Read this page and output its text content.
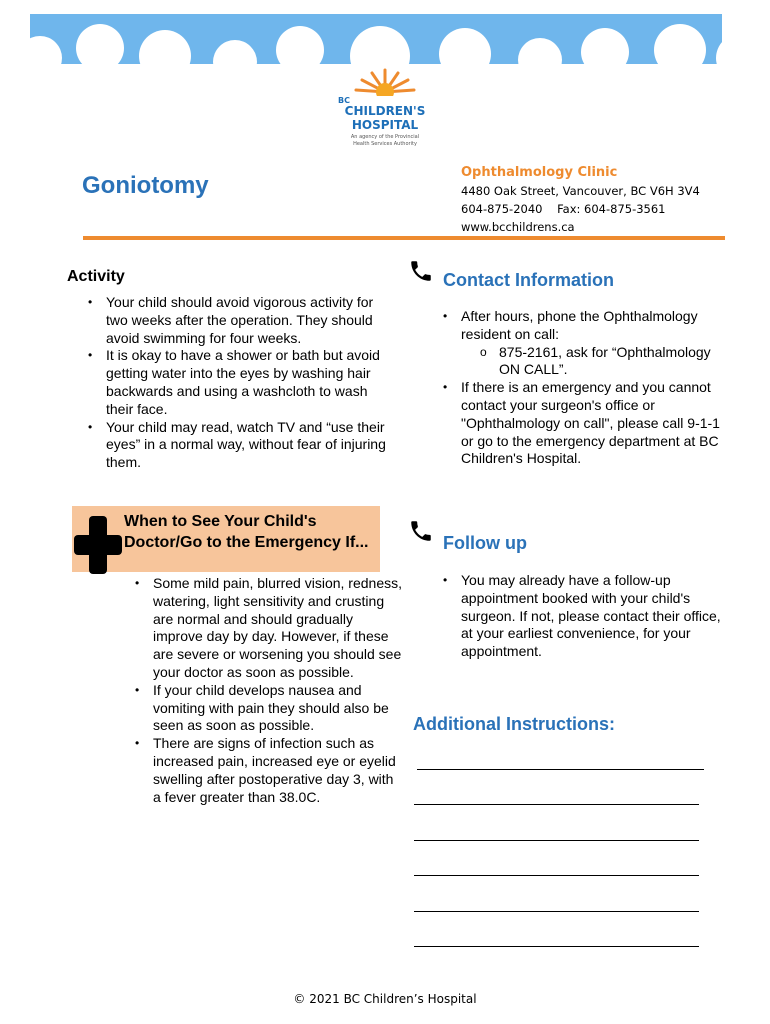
BC
CHILDREN'S
HOSPITAL
An agency of the Provincial
Health Services Authority
Goniotomy	Ophthalmology Clinic
4480 Oak Street, Vancouver, BC V6H 3V4
604-875-2040    Fax: 604-875-3561
www.bcchildrens.ca
Activity
• Your child should avoid vigorous activity for two weeks after the operation. They should avoid swimming for four weeks.
• It is okay to have a shower or bath but avoid getting water into the eyes by washing hair backwards and using a washcloth to wash their face.
• Your child may read, watch TV and “use their eyes” in a normal way, without fear of injuring them.
When to See Your Child's Doctor/Go to the Emergency If...
• Some mild pain, blurred vision, redness, watering, light sensitivity and crusting are normal and should gradually improve day by day. However, if these are severe or worsening you should see your doctor as soon as possible.
• If your child develops nausea and vomiting with pain they should also be seen as soon as possible.
• There are signs of infection such as increased pain, increased eye or eyelid swelling after postoperative day 3, with a fever greater than 38.0C.
Contact Information
• After hours, phone the Ophthalmology resident on call:
o 875-2161, ask for “Ophthalmology ON CALL”.
• If there is an emergency and you cannot contact your surgeon's office or "Ophthalmology on call", please call 9-1-1 or go to the emergency department at BC Children's Hospital.
Follow up
• You may already have a follow-up appointment booked with your child's surgeon. If not, please contact their office, at your earliest convenience, for your appointment.
Additional Instructions:
© 2021 BC Children’s Hospital
